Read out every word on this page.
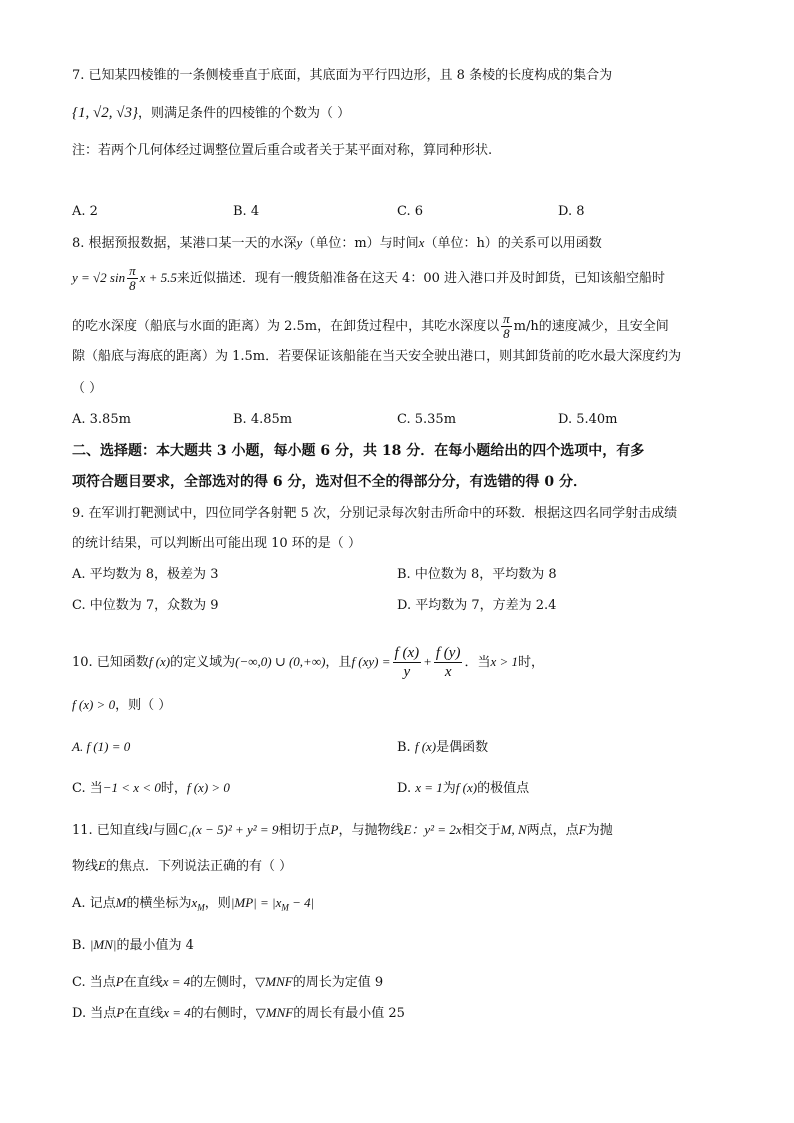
7. 已知某四棱锥的一条侧棱垂直于底面，其底面为平行四边形，且 8 条棱的长度构成的集合为
{1, √2, √3}，则满足条件的四棱锥的个数为（ ）
注：若两个几何体经过调整位置后重合或者关于某平面对称，算同种形状.
A. 2	B. 4	C. 6	D. 8
8. 根据预报数据，某港口某一天的水深y（单位：m）与时间x（单位：h）的关系可以用函数
y = √2 $\sin \frac{\pi}{8}$ x + 5.5来近似描述．现有一艘货船准备在这天 4：00 进入港口并及时卸货，已知该船空船时
的吃水深度（船底与水面的距离）为 2.5m，在卸货过程中，其吃水深度以 $\frac{\pi}{8} m/h$的速度减少，且安全间
隙（船底与海底的距离）为 1.5m．若要保证该船能在当天安全驶出港口，则其卸货前的吃水最大深度约为
（ ）
A. 3.85m	B. 4.85m	C. 5.35m	D. 5.40m
二、选择题：本大题共 3 小题，每小题 6 分，共 18 分．在每小题给出的四个选项中，有多
项符合题目要求，全部选对的得 6 分，选对但不全的得部分分，有选错的得 0 分．
9. 在军训打靶测试中，四位同学各射靶 5 次，分别记录每次射击所命中的环数．根据这四名同学射击成绩
的统计结果，可以判断出可能出现 10 环的是（ ）
A. 平均数为 8，极差为 3	B. 中位数为 8，平均数为 8
C. 中位数为 7，众数为 9	D. 平均数为 7，方差为 2.4
10. 已知函数f (x)的定义域为(−∞,0) ∪ (0,+∞)，且f $(xy) = \frac{f (x)}{y} + \frac{f (y)}{x}$ ．当x > 1时，
f (x) > 0，则（ ）
A. f (1) = 0	B. f (x)是偶函数
C. 当−1 < x < 0时，f (x) > 0	D. x = 1为f (x)的极值点
11. 已知直线l与圆C₁(x − 5)² + y² = 9相切于点P，与抛物线E：y² = 2x相交于M, N两点，点F为抛
物线E的焦点．下列说法正确的有（ ）
A. 记点M的横坐标为$x_M$，则$|MP| = |x_M - 4|$
B. |MN|的最小值为 4
C. 当点P在直线x = 4的左侧时，▽MNF的周长为定值 9
D. 当点P在直线x = 4的右侧时，▽MNF的周长有最小值 25
